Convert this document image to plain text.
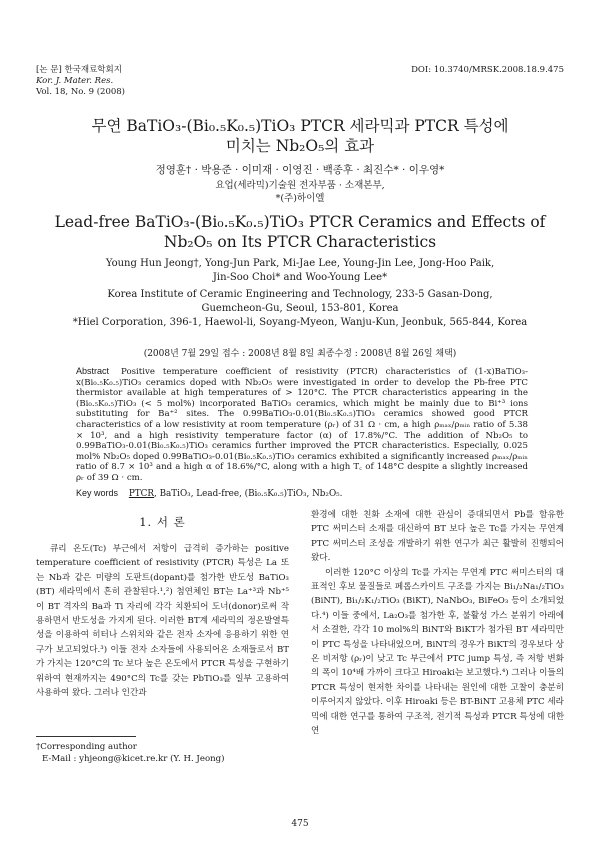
[논 문] 한국재료학회지
Kor. J. Mater. Res.
Vol. 18, No. 9 (2008)
DOI: 10.3740/MRSK.2008.18.9.475
무연 BaTiO₃-(Bi₀.₅K₀.₅)TiO₃ PTCR 세라믹과 PTCR 특성에
미치는 Nb₂O₅의 효과
정영훈† · 박용준 · 이미재 · 이영진 · 백종후 · 최진수* · 이우영*
요업(세라믹)기술원 전자부품 · 소재본부,
*(주)하이엘
Lead-free BaTiO₃-(Bi₀.₅K₀.₅)TiO₃ PTCR Ceramics and Effects of
Nb₂O₅ on Its PTCR Characteristics
Young Hun Jeong†, Yong-Jun Park, Mi-Jae Lee, Young-Jin Lee, Jong-Hoo Paik,
Jin-Soo Choi* and Woo-Young Lee*
Korea Institute of Ceramic Engineering and Technology, 233-5 Gasan-Dong,
Guemcheon-Gu, Seoul, 153-801, Korea
*Hiel Corporation, 396-1, Haewol-li, Soyang-Myeon, Wanju-Kun, Jeonbuk, 565-844, Korea
(2008년 7월 29일 접수 : 2008년 8월 8일 최종수정 : 2008년 8월 26일 채택)
Abstract Positive temperature coefficient of resistivity (PTCR) characteristics of (1-x)BaTiO₃-x(Bi₀.₅K₀.₅)TiO₃ ceramics doped with Nb₂O₅ were investigated in order to develop the Pb-free PTC thermistor available at high temperatures of > 120°C. The PTCR characteristics appearing in the (Bi₀.₅K₀.₅)TiO₃ (< 5 mol%) incorporated BaTiO₃ ceramics, which might be mainly due to Bi⁺³ ions substituting for Ba⁺² sites. The 0.99BaTiO₃-0.01(Bi₀.₅K₀.₅)TiO₃ ceramics showed good PTCR characteristics of a low resistivity at room temperature (ρᵣ) of 31 Ω · cm, a high ρₘₐₓ/ρₘᵢₙ ratio of 5.38 × 10³, and a high resistivity temperature factor (α) of 17.8%/°C. The addition of Nb₂O₅ to 0.99BaTiO₃-0.01(Bi₀.₅K₀.₅)TiO₃ ceramics further improved the PTCR characteristics. Especially, 0.025 mol% Nb₂O₅ doped 0.99BaTiO₃-0.01(Bi₀.₅K₀.₅)TiO₃ ceramics exhibited a significantly increased ρₘₐₓ/ρₘᵢₙ ratio of 8.7 × 10³ and a high α of 18.6%/°C, along with a high T꜀ of 148°C despite a slightly increased ρᵣ of 39 Ω · cm.
Key words PTCR, BaTiO₃, Lead-free, (Bi₀.₅K₀.₅)TiO₃, Nb₂O₅.
1. 서 론

큐리 온도(Tc) 부근에서 저항이 급격히 증가하는 positive temperature coefficient of resistivity (PTCR) 특성은 La 또는 Nb과 같은 미량의 도판트(dopant)를 첨가한 반도성 BaTiO₃ (BT) 세라믹에서 흔히 관찰된다.¹,²) 첨연체인 BT는 La⁺³과 Nb⁺⁵이 BT 격자의 Ba과 Ti 자리에 각각 치환되어 도너(donor)로써 작용하면서 반도성을 가지게 된다. 이러한 BT계 세라믹의 정온발열특성을 이용하여 히터나 스위치와 같은 전자 소자에 응용하기 위한 연구가 보고되었다.³) 이들 전자 소자들에 사용되어온 소재들로서 BT가 가지는 120°C의 Tc 보다 높은 온도에서 PTCR 특성을 구현하기 위하여 현재까지는 490°C의 Tc를 갖는 PbTiO₃를 일부 고용하여 사용하여 왔다. 그러나 인간과

환경에 대한 친화 소재에 대한 관심이 증대되면서 Pb를 함유한 PTC 써미스터 소재를 대신하여 BT 보다 높은 Tc를 가지는 무연계 PTC 써미스터 조성을 개발하기 위한 연구가 최근 활발히 진행되어 왔다.

이러한 120°C 이상의 Tc를 가지는 무연계 PTC 써미스터의 대표적인 후보 물질들로 페롭스카이트 구조를 가지는 Bi₁/₂Na₁/₂TiO₃ (BiNT), Bi₁/₂K₁/₂TiO₃ (BiKT), NaNbO₃, BiFeO₃ 등이 소개되었다.⁴) 이들 중에서, La₂O₃를 첨가한 후, 불활성 가스 분위기 아래에서 소결한, 각각 10 mol%의 BiNT와 BiKT가 첨가된 BT 세라믹만이 PTC 특성을 나타내었으며, BiNT의 경우가 BiKT의 경우보다 상온 비저항 (ρᵣ)이 낮고 Tc 부근에서 PTC jump 특성, 즉 저항 변화의 폭이 10⁴배 가까이 크다고 Hiroaki는 보고했다.⁴) 그러나 이들의 PTCR 특성이 현저한 차이를 나타내는 원인에 대한 고찰이 충분히 이루어지지 않았다. 이후 Hiroaki 등은 BT-BiNT 고용체 PTC 세라믹에 대한 연구를 통하여 구조적, 전기적 특성과 PTCR 특성에 대한 연

†Corresponding author
E-Mail : yhjeong@kicet.re.kr (Y. H. Jeong)
475
